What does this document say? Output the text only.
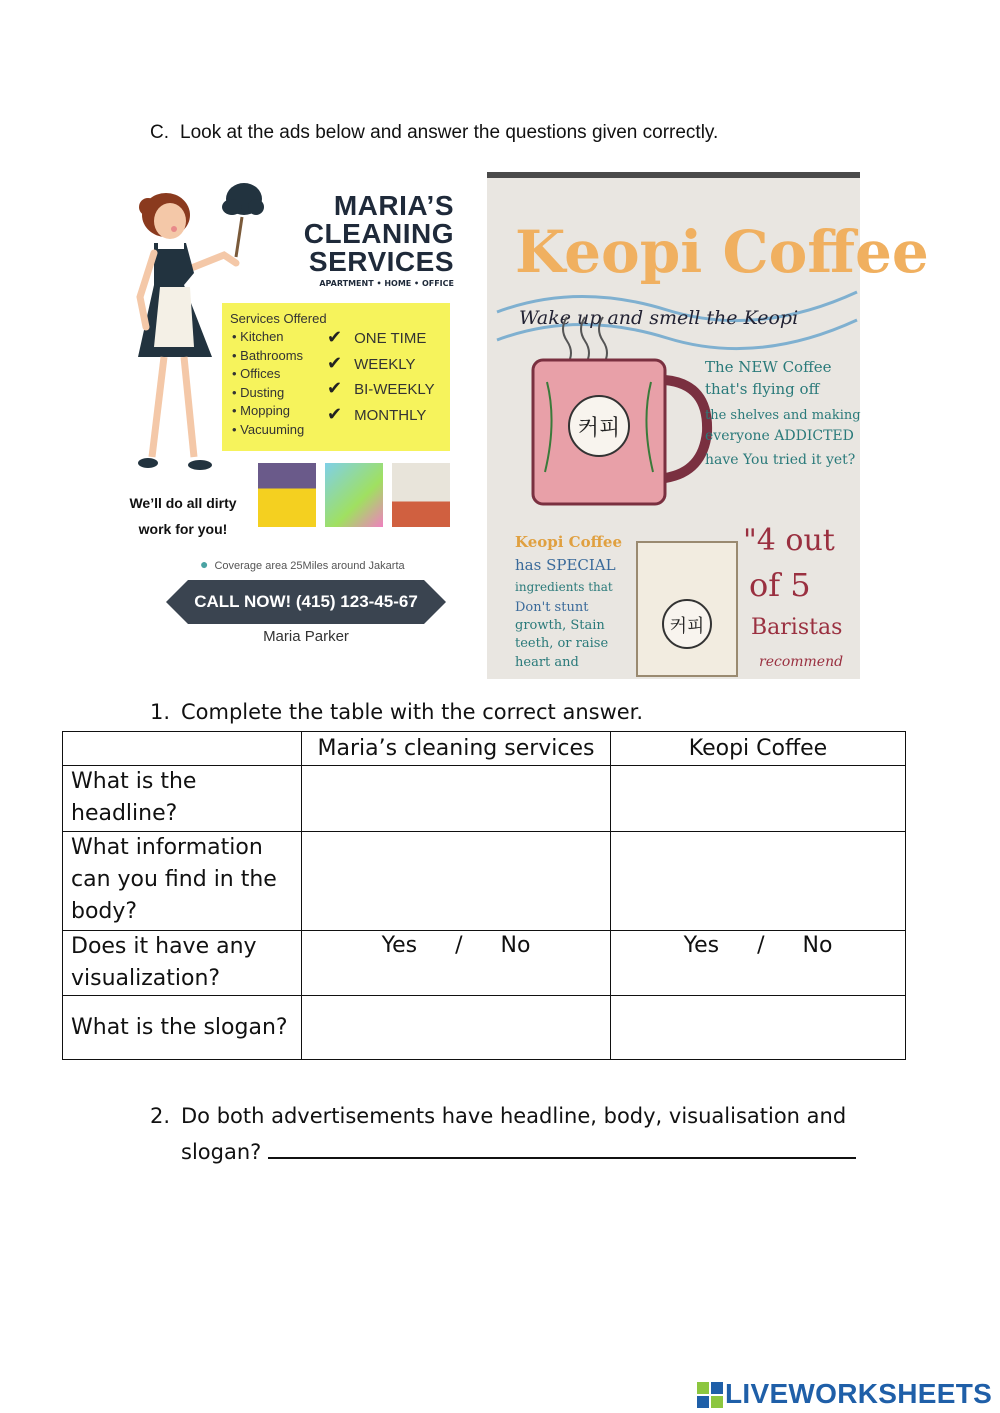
C. Look at the ads below and answer the questions given correctly.
MARIA’S
CLEANING
SERVICES
APARTMENT • HOME • OFFICE
Services Offered
• Kitchen
• Bathrooms
• Offices
• Dusting
• Mopping
• Vacuuming
✔ ONE TIME
✔ WEEKLY
✔ BI-WEEKLY
✔ MONTHLY
We’ll do all dirty
work for you!
● Coverage area 25Miles around Jakarta
CALL NOW! (415) 123-45-67
Maria Parker
Keopi Coffee
Wake up and smell the Keopi
커피
커피
The NEW Coffee
that's flying off
the shelves and making
everyone ADDICTED
have You tried it yet?
Keopi Coffee
has SPECIAL
ingredients that
Don't stunt
growth, Stain
teeth, or raise
heart and
"4 out
of 5
Baristas
recommend
1. Complete the table with the correct answer.
	Maria’s cleaning services	Keopi Coffee

What is the
headline?		

What information
can you find in the
body?		

Does it have any
visualization?	Yes / No	Yes / No

What is the slogan?		

2. Do both advertisements have headline, body, visualisation and
slogan?
LIVEWORKSHEETS
